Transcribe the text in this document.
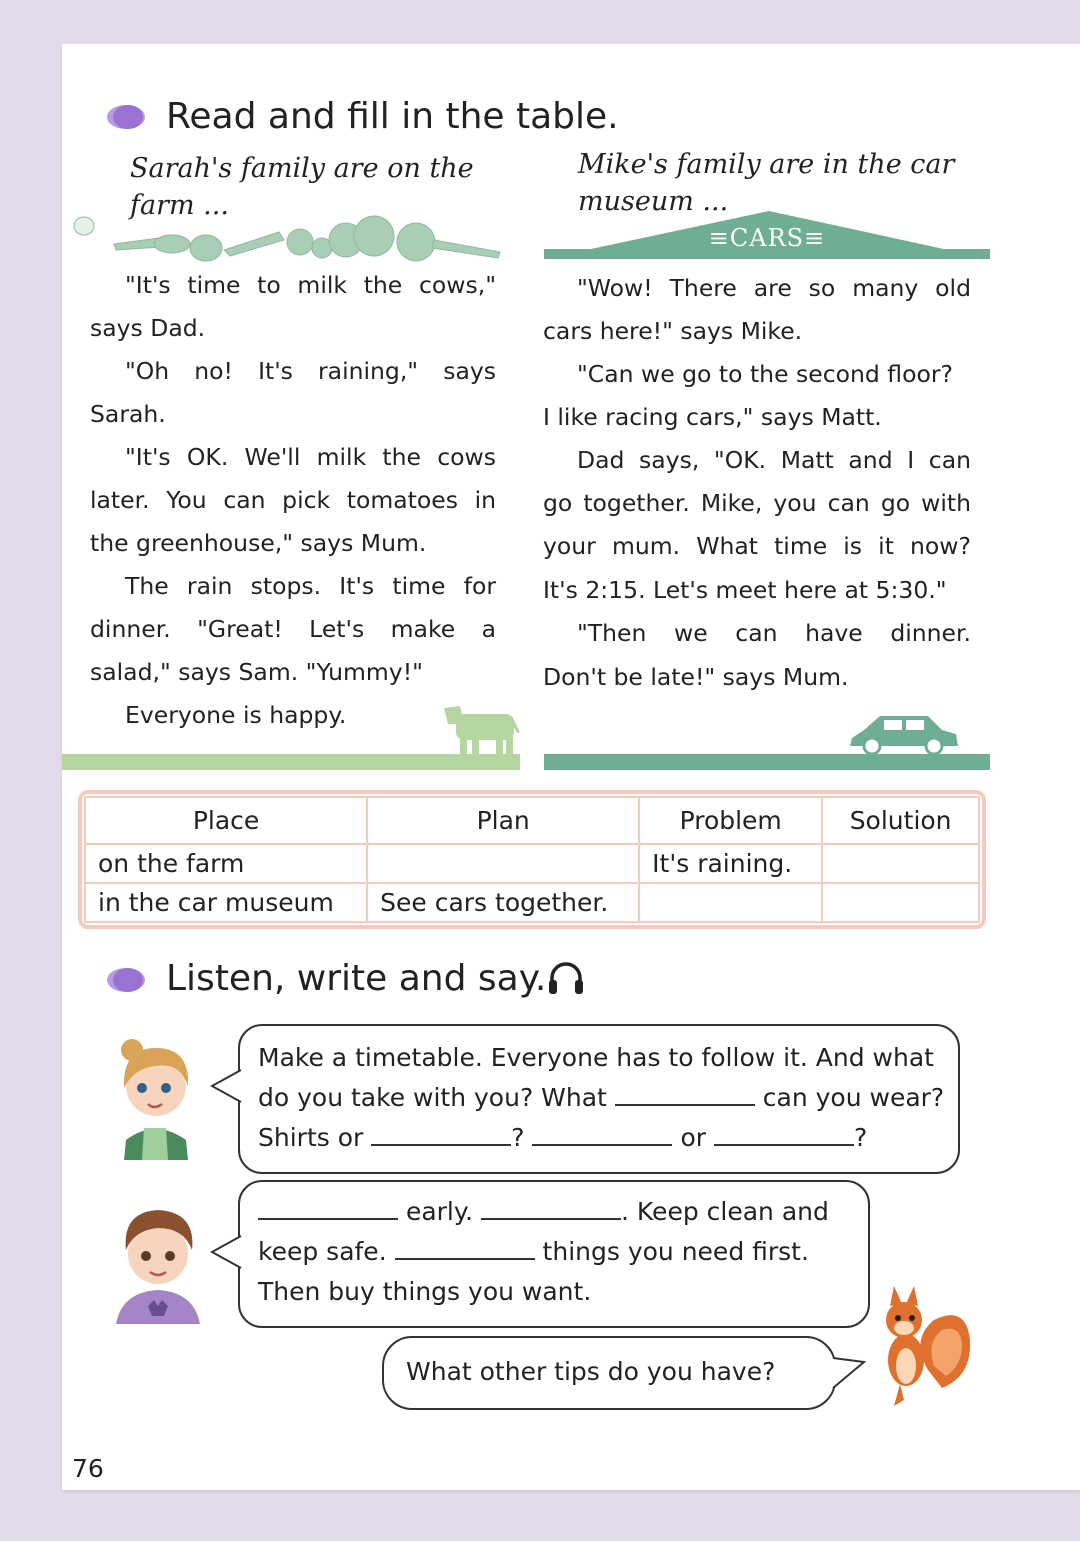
Read and fill in the table.
Sarah's family are on the
farm ...
"It's time to milk the cows,"
says Dad.
"Oh no! It's raining," says
Sarah.
"It's OK. We'll milk the cows
later. You can pick tomatoes in
the greenhouse," says Mum.
The rain stops. It's time for
dinner. "Great! Let's make a
salad," says Sam. "Yummy!"
Everyone is happy.
Mike's family are in the car
museum ...
≡CARS≡
"Wow! There are so many old
cars here!" says Mike.
"Can we go to the second floor?
I like racing cars," says Matt.
Dad says, "OK. Matt and I can
go together. Mike, you can go with
your mum. What time is it now?
It's 2:15. Let's meet here at 5:30."
"Then we can have dinner.
Don't be late!" says Mum.
Place	Plan	Problem	Solution
on the farm		It's raining.	
in the car museum	See cars together.		
Listen, write and say.
Make a timetable. Everyone has to follow it. And what
do you take with you? What	can you wear?
Shirts or	?	or	?
early.	. Keep clean and
keep safe.	things you need first.
Then buy things you want.
What other tips do you have?
76
